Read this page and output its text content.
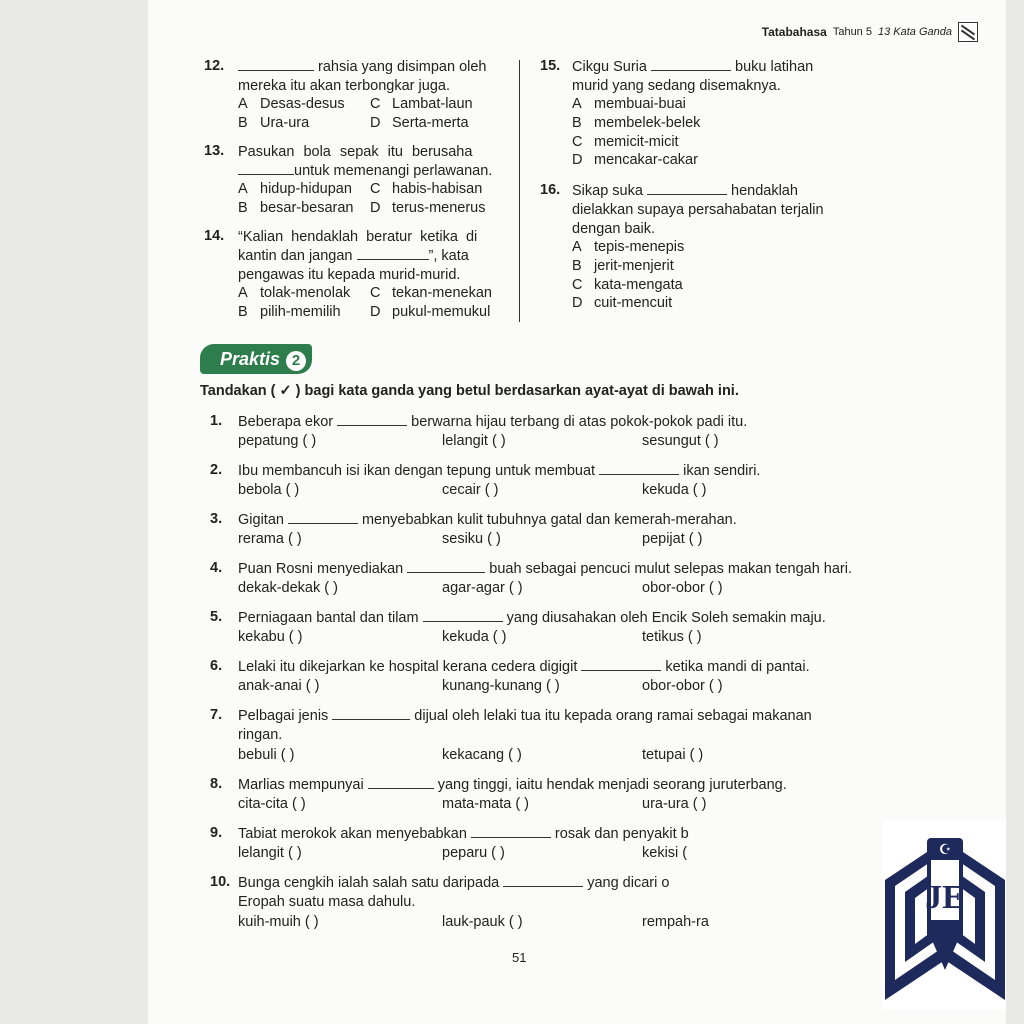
Tatabahasa Tahun 5 13 Kata Ganda
12.	rahsia yang disimpan oleh
mereka itu akan terbongkar juga.
A Desas-desus C Lambat-laun
B Ura-ura	D Serta-merta
13. Pasukan bola sepak itu berusaha
untuk memenangi perlawanan.
A hidup-hidupan C habis-habisan
B besar-besaran D terus-menerus
14. “Kalian hendaklah beratur ketika di
kantin dan jangan	”, kata
pengawas itu kepada murid-murid.
A tolak-menolak C tekan-menekan
B pilih-memilih D pukul-memukul
15. Cikgu Suria	buku latihan
murid yang sedang disemaknya.
A membuai-buai
B membelek-belek
C memicit-micit
D mencakar-cakar
16. Sikap suka	hendaklah
dielakkan supaya persahabatan terjalin
dengan baik.
A tepis-menepis
B jerit-menjerit
C kata-mengata
D cuit-mencuit
Praktis 2
Tandakan ( ✓ ) bagi kata ganda yang betul berdasarkan ayat-ayat di bawah ini.
1. Beberapa ekor	berwarna hijau terbang di atas pokok-pokok padi itu.
pepatung ( )	lelangit ( )	sesungut ( )
2. Ibu membancuh isi ikan dengan tepung untuk membuat	ikan sendiri.
bebola ( )	cecair ( )	kekuda ( )
3. Gigitan	menyebabkan kulit tubuhnya gatal dan kemerah-merahan.
rerama ( )	sesiku ( )	pepijat ( )
4. Puan Rosni menyediakan	buah sebagai pencuci mulut selepas makan tengah hari.
dekak-dekak ( )	agar-agar ( )	obor-obor ( )
5. Perniagaan bantal dan tilam	yang diusahakan oleh Encik Soleh semakin maju.
kekabu ( )	kekuda ( )	tetikus ( )
6. Lelaki itu dikejarkan ke hospital kerana cedera digigit	ketika mandi di pantai.
anak-anai ( )	kunang-kunang ( )	obor-obor ( )
7. Pelbagai jenis	dijual oleh lelaki tua itu kepada orang ramai sebagai makanan
ringan.
bebuli ( )	kekacang ( )	tetupai ( )
8. Marlias mempunyai	yang tinggi, iaitu hendak menjadi seorang juruterbang.
cita-cita ( )	mata-mata ( )	ura-ura ( )
9. Tabiat merokok akan menyebabkan	rosak dan penyakit b
lelangit ( )	peparu ( )	kekisi (
10. Bunga cengkih ialah salah satu daripada	yang dicari o
Eropah suatu masa dahulu.
kuih-muih ( )	lauk-pauk ( )	rempah-ra
51
☪
JE
